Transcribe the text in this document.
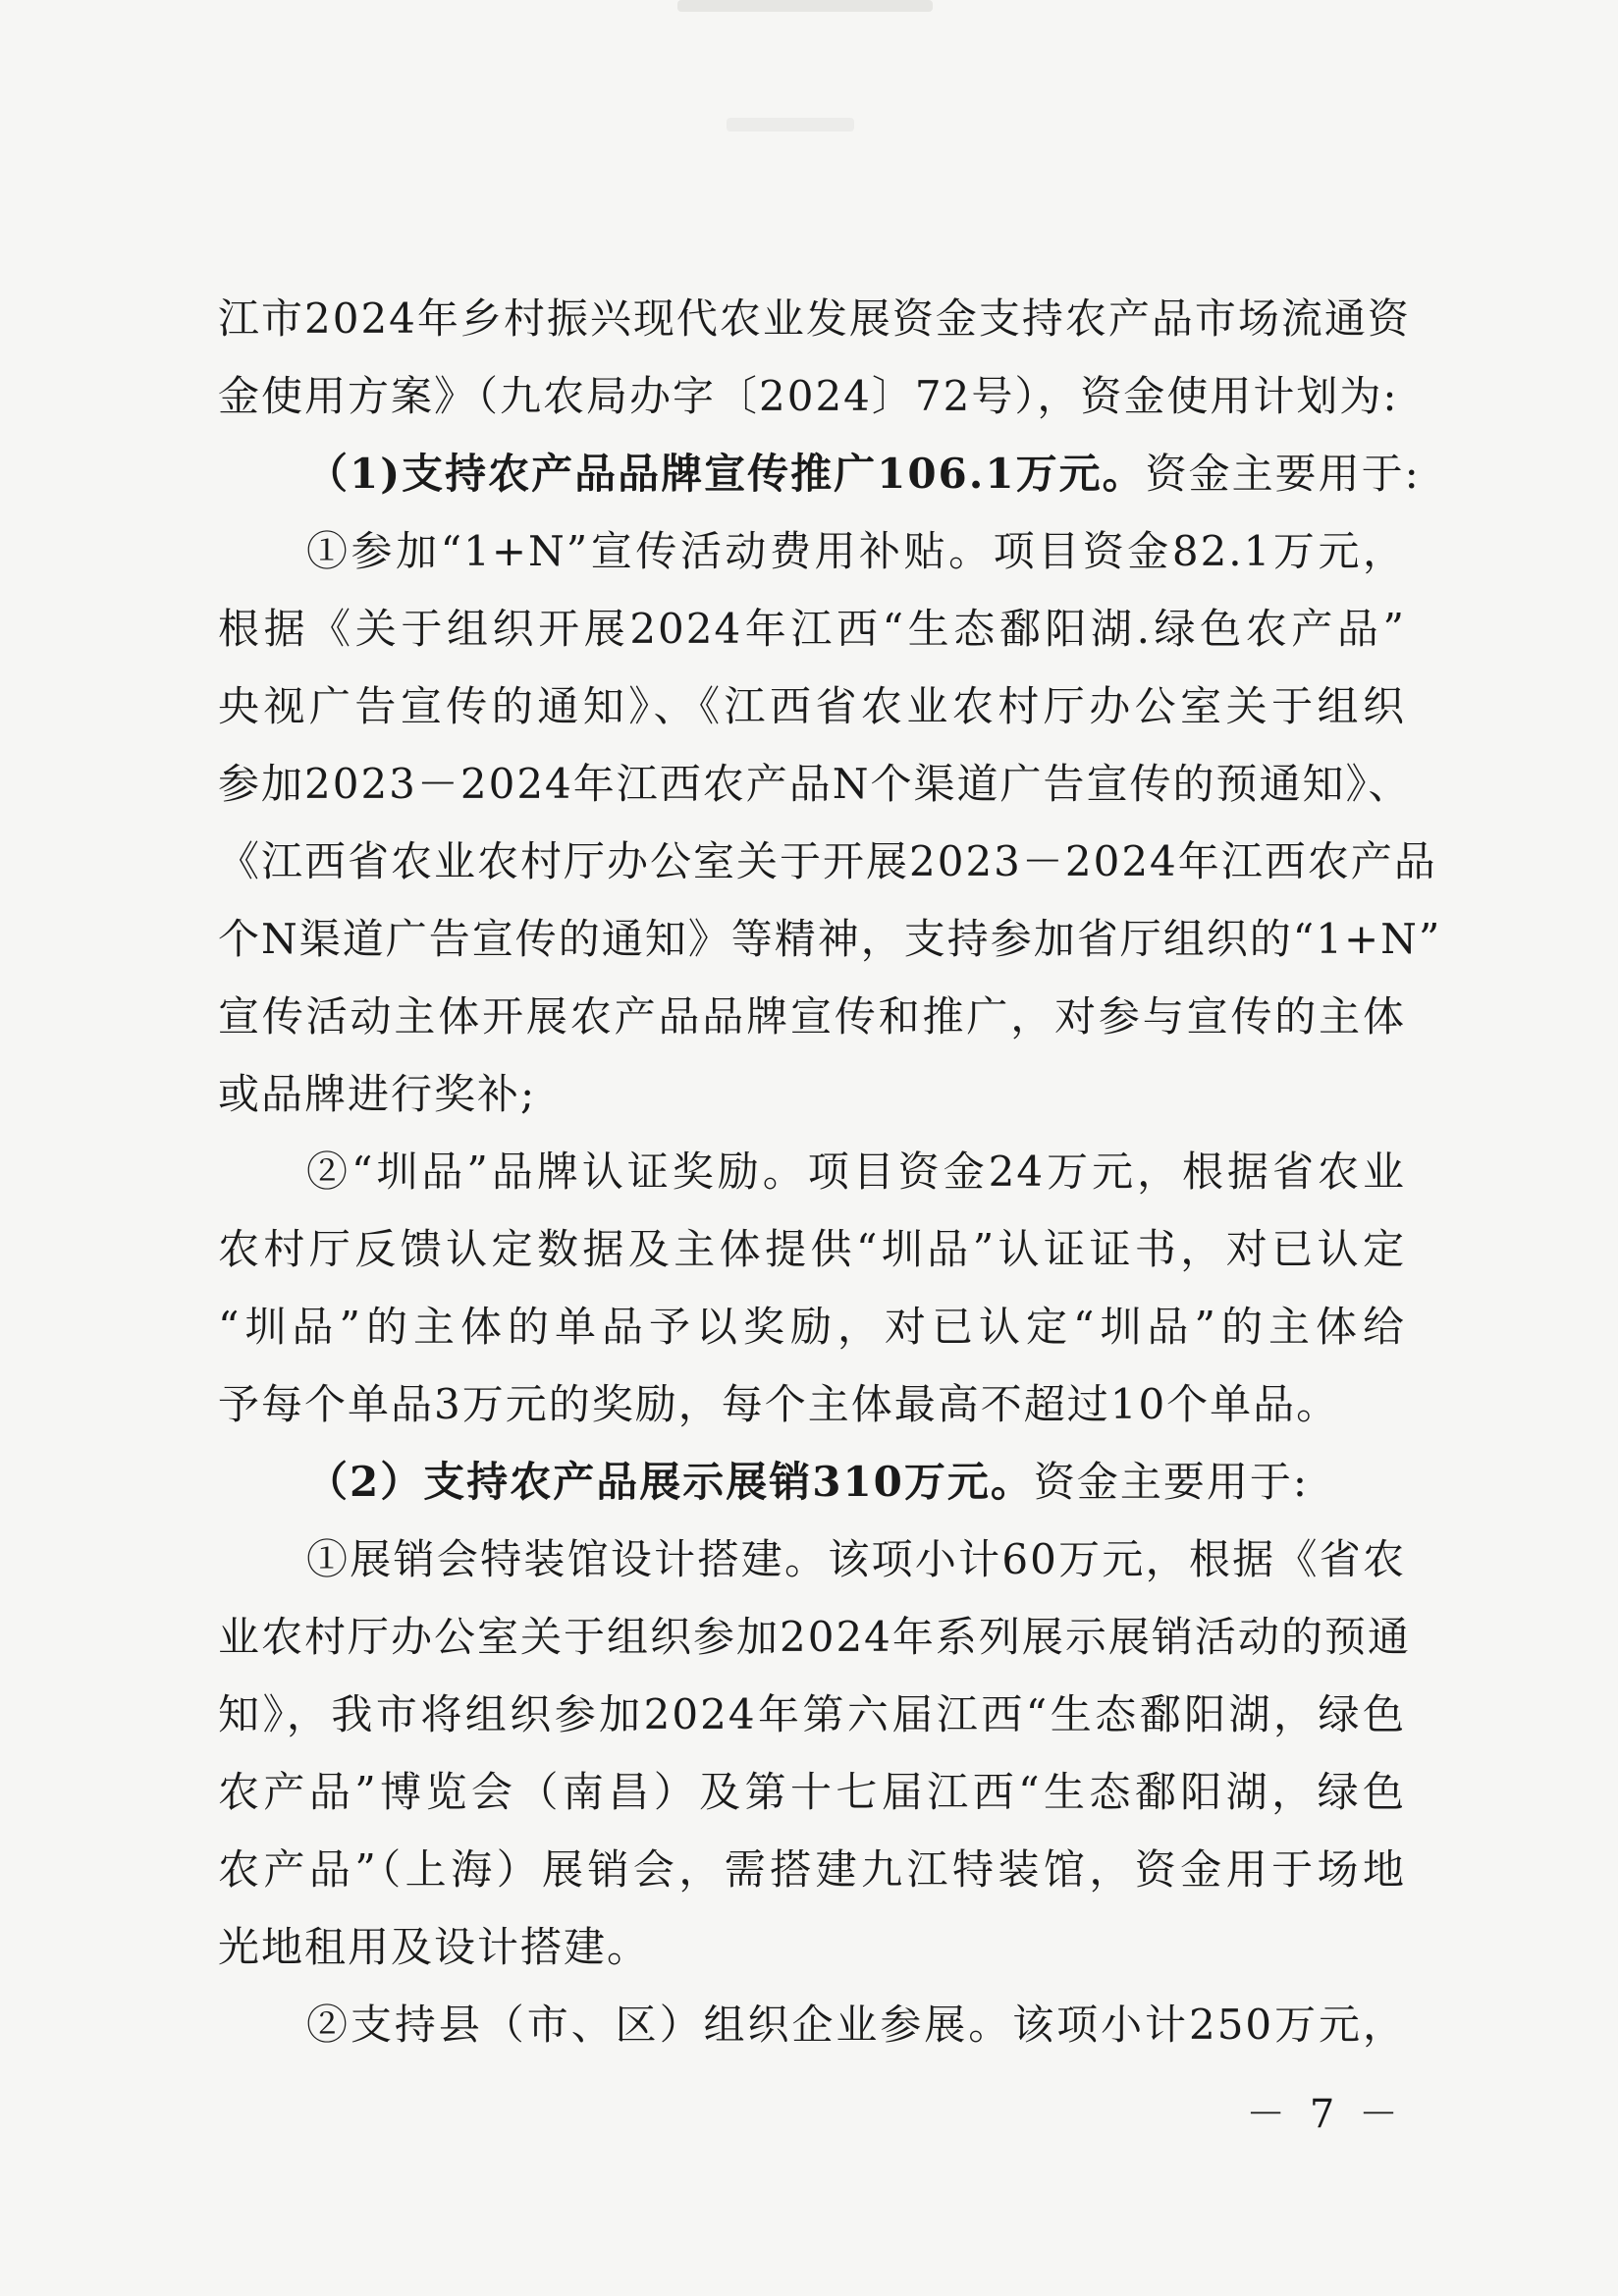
江市2024年乡村振兴现代农业发展资金支持农产品市场流通资
金使用方案》（九农局办字〔2024〕72号），资金使用计划为:
（1)支持农产品品牌宣传推广106.1万元。资金主要用于:
①参加“1+N”宣传活动费用补贴。项目资金82.1万元，
根据《关于组织开展2024年江西“生态鄱阳湖.绿色农产品”
央视广告宣传的通知》、《江西省农业农村厅办公室关于组织
参加2023－2024年江西农产品N个渠道广告宣传的预通知》、
《江西省农业农村厅办公室关于开展2023－2024年江西农产品
个N渠道广告宣传的通知》等精神，支持参加省厅组织的“1+N”
宣传活动主体开展农产品品牌宣传和推广，对参与宣传的主体
或品牌进行奖补;
②“圳品”品牌认证奖励。项目资金24万元，根据省农业
农村厅反馈认定数据及主体提供“圳品”认证证书，对已认定
“圳品”的主体的单品予以奖励，对已认定“圳品”的主体给
予每个单品3万元的奖励，每个主体最高不超过10个单品。
（2）支持农产品展示展销310万元。资金主要用于:
①展销会特装馆设计搭建。该项小计60万元，根据《省农
业农村厅办公室关于组织参加2024年系列展示展销活动的预通
知》，我市将组织参加2024年第六届江西“生态鄱阳湖，绿色
农产品”博览会（南昌）及第十七届江西“生态鄱阳湖，绿色
农产品”（上海）展销会，需搭建九江特装馆，资金用于场地
光地租用及设计搭建。
②支持县（市、区）组织企业参展。该项小计250万元，
－ 7 －
